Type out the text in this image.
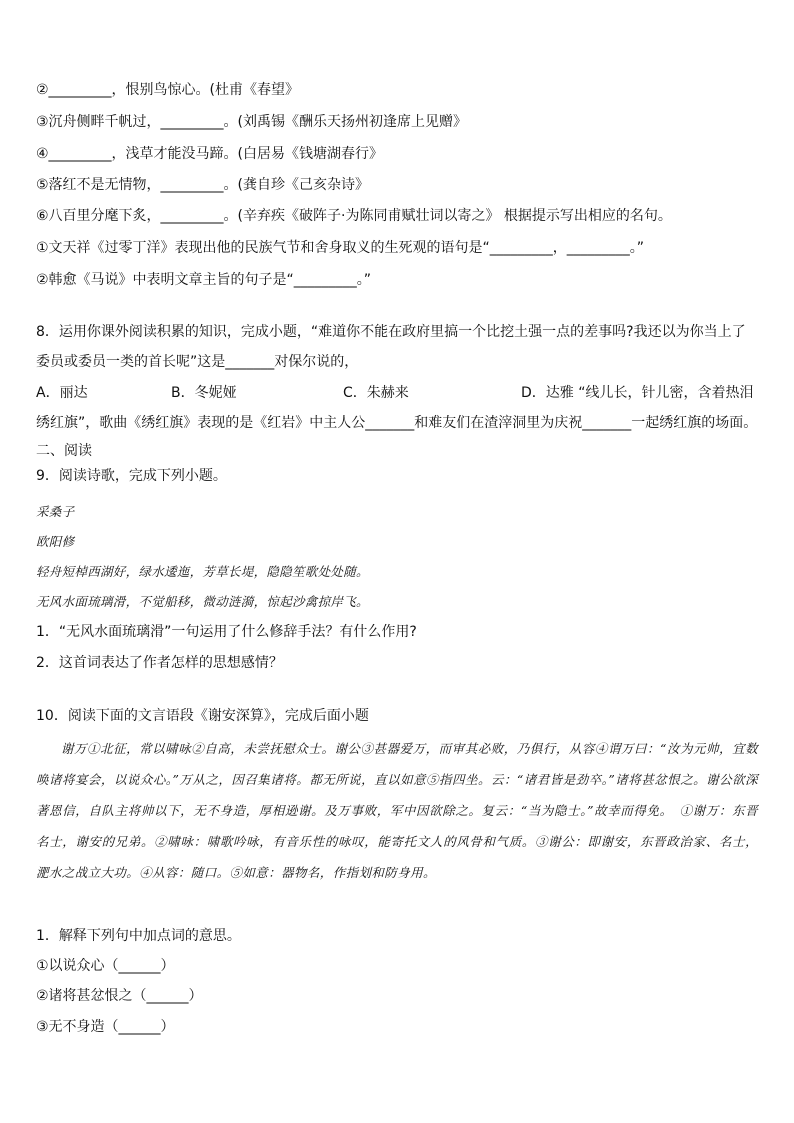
②_________，恨别鸟惊心。(杜甫《春望》
③沉舟侧畔千帆过，_________。(刘禹锡《酬乐天扬州初逢席上见赠》
④_________，浅草才能没马蹄。(白居易《钱塘湖春行》
⑤落红不是无情物，_________。(龚自珍《己亥杂诗》
⑥八百里分麾下炙，_________。(辛弃疾《破阵子·为陈同甫赋壮词以寄之》 根据提示写出相应的名句。
①文天祥《过零丁洋》表现出他的民族气节和舍身取义的生死观的语句是“_________，_________。”
②韩愈《马说》中表明文章主旨的句子是“_________。”
8．运用你课外阅读积累的知识，完成小题，“难道你不能在政府里搞一个比挖土强一点的差事吗?我还以为你当上了
委员或委员一类的首长呢”这是_______对保尔说的，
A．丽达	B．冬妮娅	C．朱赫来	D．达雅 “线儿长，针儿密，含着热泪
绣红旗”，歌曲《绣红旗》表现的是《红岩》中主人公_______和难友们在渣滓洞里为庆祝_______一起绣红旗的场面。
二、阅读
9．阅读诗歌，完成下列小题。
采桑子
欧阳修
轻舟短棹西湖好，绿水逶迤，芳草长堤，隐隐笙歌处处随。
无风水面琉璃滑，不觉船移，微动涟漪，惊起沙禽掠岸飞。
1．“无风水面琉璃滑”一句运用了什么修辞手法？有什么作用?
2．这首词表达了作者怎样的思想感情？
10．阅读下面的文言语段《谢安深算》，完成后面小题
谢万①北征，常以啸咏②自高，未尝抚慰众士。谢公③甚器爱万，而审其必败，乃俱行，从容④谓万曰：“汝为元帅，宜数唤诸将宴会，以说众心。”万从之，因召集诸将。都无所说，直以如意⑤指四坐。云：“诸君皆是劲卒。”诸将甚忿恨之。谢公欲深著恩信，自队主将帅以下，无不身造，厚相逊谢。及万事败，军中因欲除之。复云：“当为隐士。”故幸而得免。　①谢万：东晋名士，谢安的兄弟。②啸咏：啸歌吟咏，有音乐性的咏叹，能寄托文人的风骨和气质。③谢公：即谢安，东晋政治家、名士，淝水之战立大功。④从容：随口。⑤如意：器物名，作指划和防身用。
1．解释下列句中加点词的意思。
①以说众心（______）
②诸将甚忿恨之（______）
③无不身造（______）
